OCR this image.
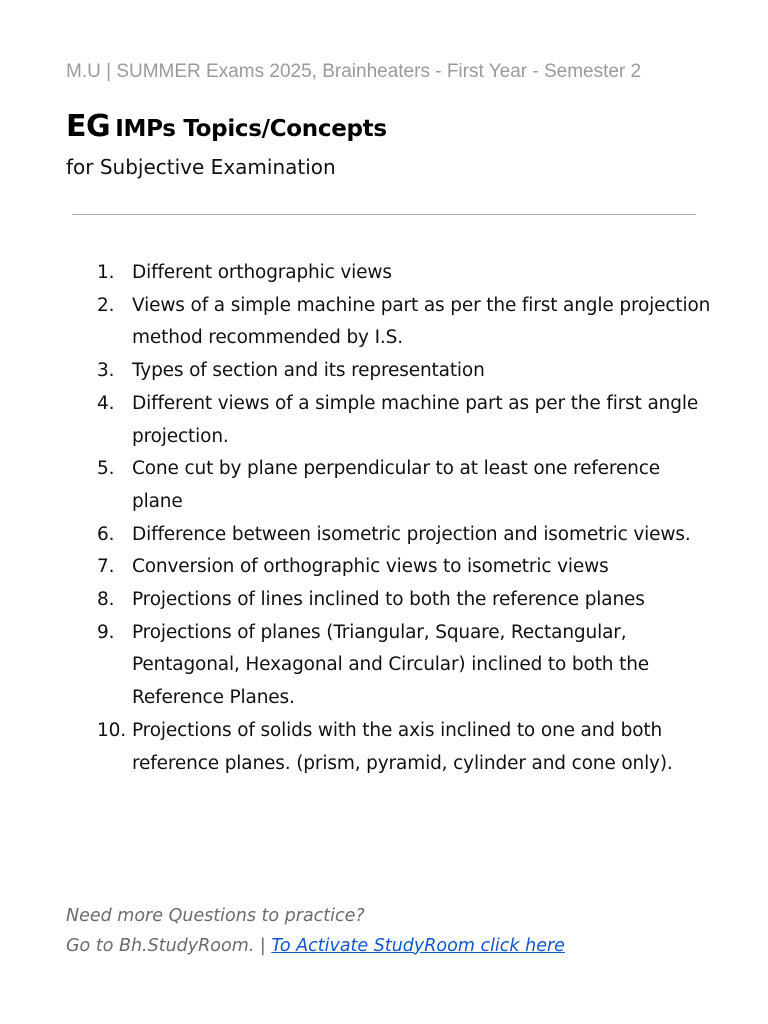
M.U | SUMMER Exams 2025, Brainheaters - First Year - Semester 2
EG IMPs Topics/Concepts
for Subjective Examination
1. Different orthographic views
2. Views of a simple machine part as per the first angle projection method recommended by I.S.
3. Types of section and its representation
4. Different views of a simple machine part as per the first angle projection.
5. Cone cut by plane perpendicular to at least one reference plane
6. Difference between isometric projection and isometric views.
7. Conversion of orthographic views to isometric views
8. Projections of lines inclined to both the reference planes
9. Projections of planes (Triangular, Square, Rectangular, Pentagonal, Hexagonal and Circular) inclined to both the Reference Planes.
10. Projections of solids with the axis inclined to one and both reference planes. (prism, pyramid, cylinder and cone only).
Need more Questions to practice?
Go to Bh.StudyRoom. | To Activate StudyRoom click here
